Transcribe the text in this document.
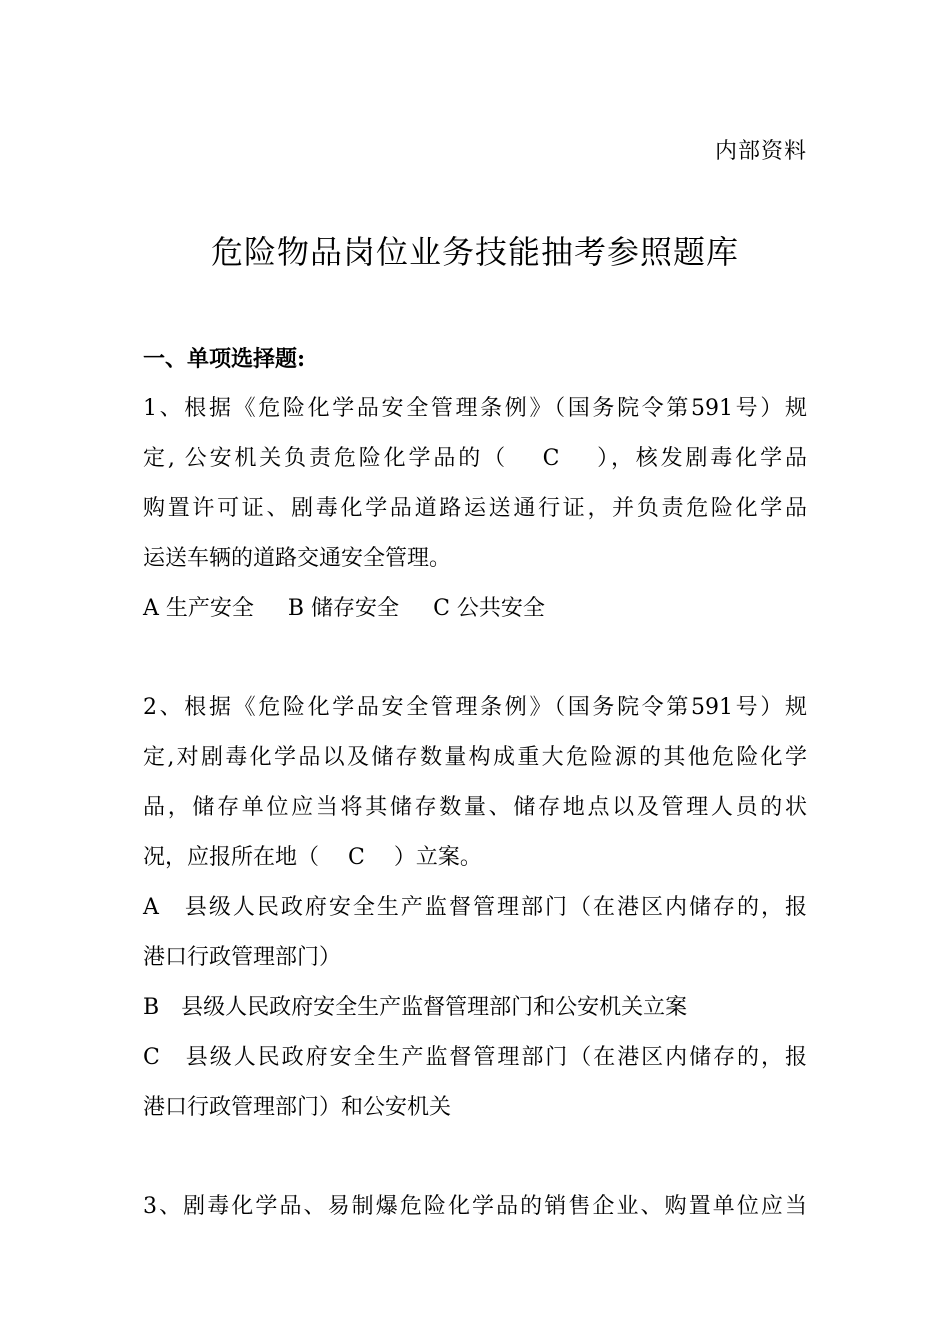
内部资料
危险物品岗位业务技能抽考参照题库

一、单项选择题:

1、根据《危险化学品安全管理条例》（国务院令第591号）规

定, 公安机关负责危险化学品的（　 C　 ），核发剧毒化学品

购置许可证、剧毒化学品道路运送通行证，并负责危险化学品

运送车辆的道路交通安全管理。

A 生产安全 B 储存安全 C 公共安全

2、根据《危险化学品安全管理条例》（国务院令第591号）规

定,对剧毒化学品以及储存数量构成重大危险源的其他危险化学

品，储存单位应当将其储存数量、储存地点以及管理人员的状

况，应报所在地（　 C　 ）立案。

A　县级人民政府安全生产监督管理部门（在港区内储存的，报

港口行政管理部门）

B　县级人民政府安全生产监督管理部门和公安机关立案

C　县级人民政府安全生产监督管理部门（在港区内储存的，报

港口行政管理部门）和公安机关

3、剧毒化学品、易制爆危险化学品的销售企业、购置单位应当
